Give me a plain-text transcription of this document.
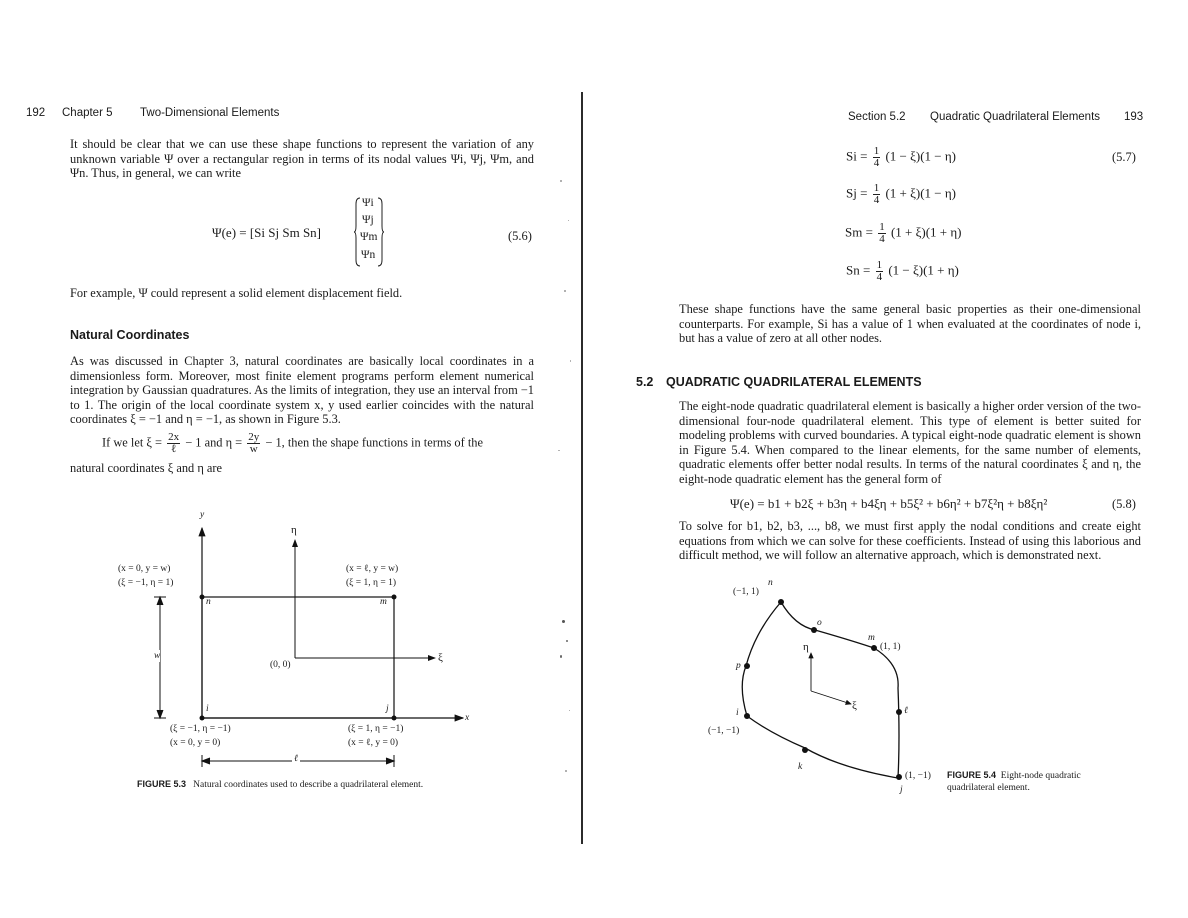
192 Chapter 5 Two-Dimensional Elements

It should be clear that we can use these shape functions to represent the variation of any unknown variable Ψ over a rectangular region in terms of its nodal values Ψi, Ψj, Ψm, and Ψn. Thus, in general, we can write

Ψ(e) = [Si Sj Sm Sn]
Ψi
Ψj
Ψm
Ψn
(5.6)

For example, Ψ could represent a solid element displacement field.

Natural Coordinates

As was discussed in Chapter 3, natural coordinates are basically local coordinates in a dimensionless form. Moreover, most finite element programs perform element numerical integration by Gaussian quadratures. As the limits of integration, they use an interval from −1 to 1. The origin of the local coordinate system x, y used earlier coincides with the natural coordinates ξ = −1 and η = −1, as shown in Figure 5.3.

If we let $\xi = \frac{2x}{\text{ℓ}} - 1$ and $\eta = \frac{2y}{w} - 1$, then the shape functions in terms of the
natural coordinates ξ and η are
y
x
η
ξ
n	m
i	j
(x = 0, y = w)
(ξ = −1, η = 1)
(x = ℓ, y = w)
(ξ = 1, η = 1)
(ξ = −1, η = −1)
(x = 0, y = 0)
(ξ = 1, η = −1)
(x = ℓ, y = 0)
(0, 0)
w
ℓ
FIGURE 5.3 Natural coordinates used to describe a quadrilateral element.
Section 5.2 Quadratic Quadrilateral Elements 193
$Si = \frac{1}{4} (1 - \xi)(1 - \eta)$
$Sj = \frac{1}{4} (1 + \xi)(1 - \eta)$
$Sm = \frac{1}{4} (1 + \xi)(1 + \eta)$
$Sn = \frac{1}{4} (1 - \xi)(1 + \eta)$
(5.7)

These shape functions have the same general basic properties as their one-dimensional counterparts. For example, Si has a value of 1 when evaluated at the coordinates of node i, but has a value of zero at all other nodes.

5.2 QUADRATIC QUADRILATERAL ELEMENTS

The eight-node quadratic quadrilateral element is basically a higher order version of the two-dimensional four-node quadrilateral element. This type of element is better suited for modeling problems with curved boundaries. A typical eight-node quadratic element is shown in Figure 5.4. When compared to the linear elements, for the same number of elements, quadratic elements offer better nodal results. In terms of the natural coordinates ξ and η, the eight-node quadratic element has the general form of

Ψ(e) = b1 + b2ξ + b3η + b4ξη + b5ξ² + b6η² + b7ξ²η + b8ξη²	(5.8)

To solve for b1, b2, b3, ..., b8, we must first apply the nodal conditions and create eight equations from which we can solve for these coefficients. Instead of using this laborious and difficult method, we will follow an alternative approach, which is demonstrated next.

(−1, 1)
n
o
m
(1, 1)
p
η
ξ	ℓ
i
(−1, −1)
k
j
(1, −1) FIGURE 5.4 Eight-node quadratic
quadrilateral element.
